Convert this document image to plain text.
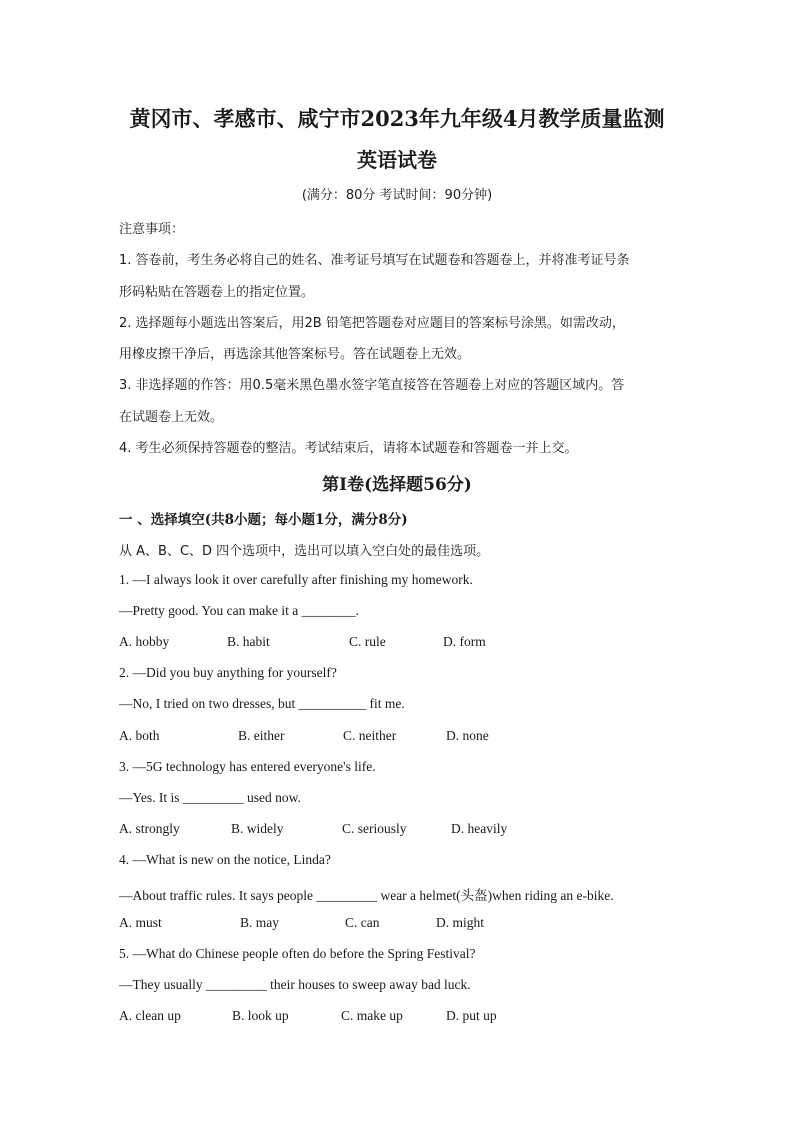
黄冈市、孝感市、咸宁市2023年九年级4月教学质量监测
英语试卷
(满分：80分 考试时间：90分钟)
注意事项：
1. 答卷前，考生务必将自己的姓名、准考证号填写在试题卷和答题卷上，并将准考证号条
形码粘贴在答题卷上的指定位置。
2. 选择题每小题选出答案后，用2B 铅笔把答题卷对应题目的答案标号涂黑。如需改动，
用橡皮擦干净后，再选涂其他答案标号。答在试题卷上无效。
3. 非选择题的作答：用0.5毫米黑色墨水签字笔直接答在答题卷上对应的答题区域内。答
在试题卷上无效。
4. 考生必须保持答题卷的整洁。考试结束后，请将本试题卷和答题卷一并上交。
第I卷(选择题56分)
一 、选择填空(共8小题；每小题1分，满分8分)
从 A、B、C、D 四个选项中，选出可以填入空白处的最佳选项。
1. —I always look it over carefully after finishing my homework.
—Pretty good. You can make it a ________.
A. hobby	B. habit	C. rule	D. form
2. —Did you buy anything for yourself?
—No, I tried on two dresses, but __________ fit me.
A. both	B. either	C. neither	D. none
3. —5G technology has entered everyone's life.
—Yes. It is _________ used now.
A. strongly	B. widely	C. seriously	D. heavily
4. —What is new on the notice, Linda?
—About traffic rules. It says people _________ wear a helmet(头盔)when riding an e-bike.
A. must	B. may	C. can	D. might
5. —What do Chinese people often do before the Spring Festival?
—They usually _________ their houses to sweep away bad luck.
A. clean up	B. look up	C. make up	D. put up
